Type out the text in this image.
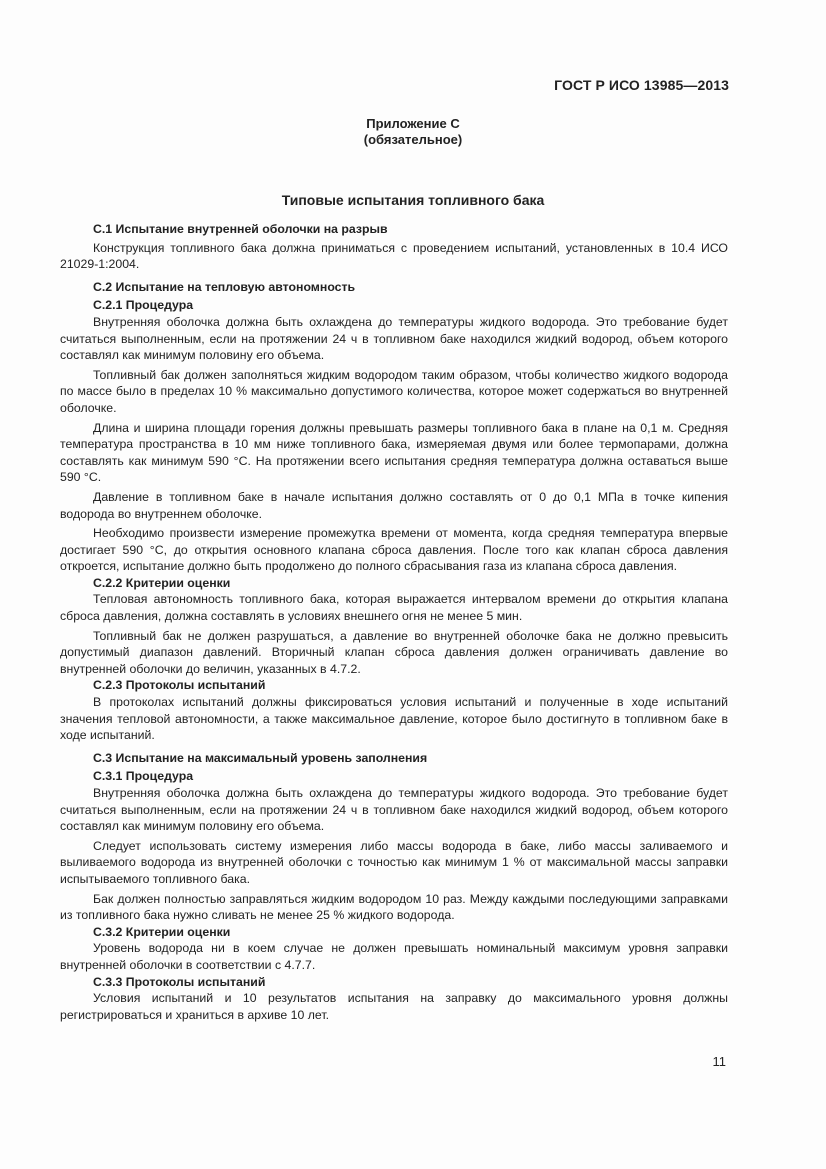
ГОСТ Р ИСО 13985—2013
Приложение С
(обязательное)
Типовые испытания топливного бака
С.1 Испытание внутренней оболочки на разрыв

Конструкция топливного бака должна приниматься с проведением испытаний, установленных в 10.4 ИСО 21029-1:2004.

С.2 Испытание на тепловую автономность
С.2.1 Процедура

Внутренняя оболочка должна быть охлаждена до температуры жидкого водорода. Это требование будет считаться выполненным, если на протяжении 24 ч в топливном баке находился жидкий водород, объем которого составлял как минимум половину его объема.

Топливный бак должен заполняться жидким водородом таким образом, чтобы количество жидкого водорода по массе было в пределах 10 % максимально допустимого количества, которое может содержаться во внутренней оболочке.

Длина и ширина площади горения должны превышать размеры топливного бака в плане на 0,1 м. Средняя температура пространства в 10 мм ниже топливного бака, измеряемая двумя или более термопарами, должна составлять как минимум 590 °С. На протяжении всего испытания средняя температура должна оставаться выше 590 °С.

Давление в топливном баке в начале испытания должно составлять от 0 до 0,1 МПа в точке кипения водорода во внутреннем оболочке.

Необходимо произвести измерение промежутка времени от момента, когда средняя температура впервые достигает 590 °С, до открытия основного клапана сброса давления. После того как клапан сброса давления откроется, испытание должно быть продолжено до полного сбрасывания газа из клапана сброса давления.

С.2.2 Критерии оценки

Тепловая автономность топливного бака, которая выражается интервалом времени до открытия клапана сброса давления, должна составлять в условиях внешнего огня не менее 5 мин.

Топливный бак не должен разрушаться, а давление во внутренней оболочке бака не должно превысить допустимый диапазон давлений. Вторичный клапан сброса давления должен ограничивать давление во внутренней оболочки до величин, указанных в 4.7.2.

С.2.3 Протоколы испытаний

В протоколах испытаний должны фиксироваться условия испытаний и полученные в ходе испытаний значения тепловой автономности, а также максимальное давление, которое было достигнуто в топливном баке в ходе испытаний.

С.3 Испытание на максимальный уровень заполнения
С.3.1 Процедура

Внутренняя оболочка должна быть охлаждена до температуры жидкого водорода. Это требование будет считаться выполненным, если на протяжении 24 ч в топливном баке находился жидкий водород, объем которого составлял как минимум половину его объема.

Следует использовать систему измерения либо массы водорода в баке, либо массы заливаемого и выливаемого водорода из внутренней оболочки с точностью как минимум 1 % от максимальной массы заправки испытываемого топливного бака.

Бак должен полностью заправляться жидким водородом 10 раз. Между каждыми последующими заправками из топливного бака нужно сливать не менее 25 % жидкого водорода.

С.3.2 Критерии оценки

Уровень водорода ни в коем случае не должен превышать номинальный максимум уровня заправки внутренней оболочки в соответствии с 4.7.7.

С.3.3 Протоколы испытаний

Условия испытаний и 10 результатов испытания на заправку до максимального уровня должны регистрироваться и храниться в архиве 10 лет.

11
